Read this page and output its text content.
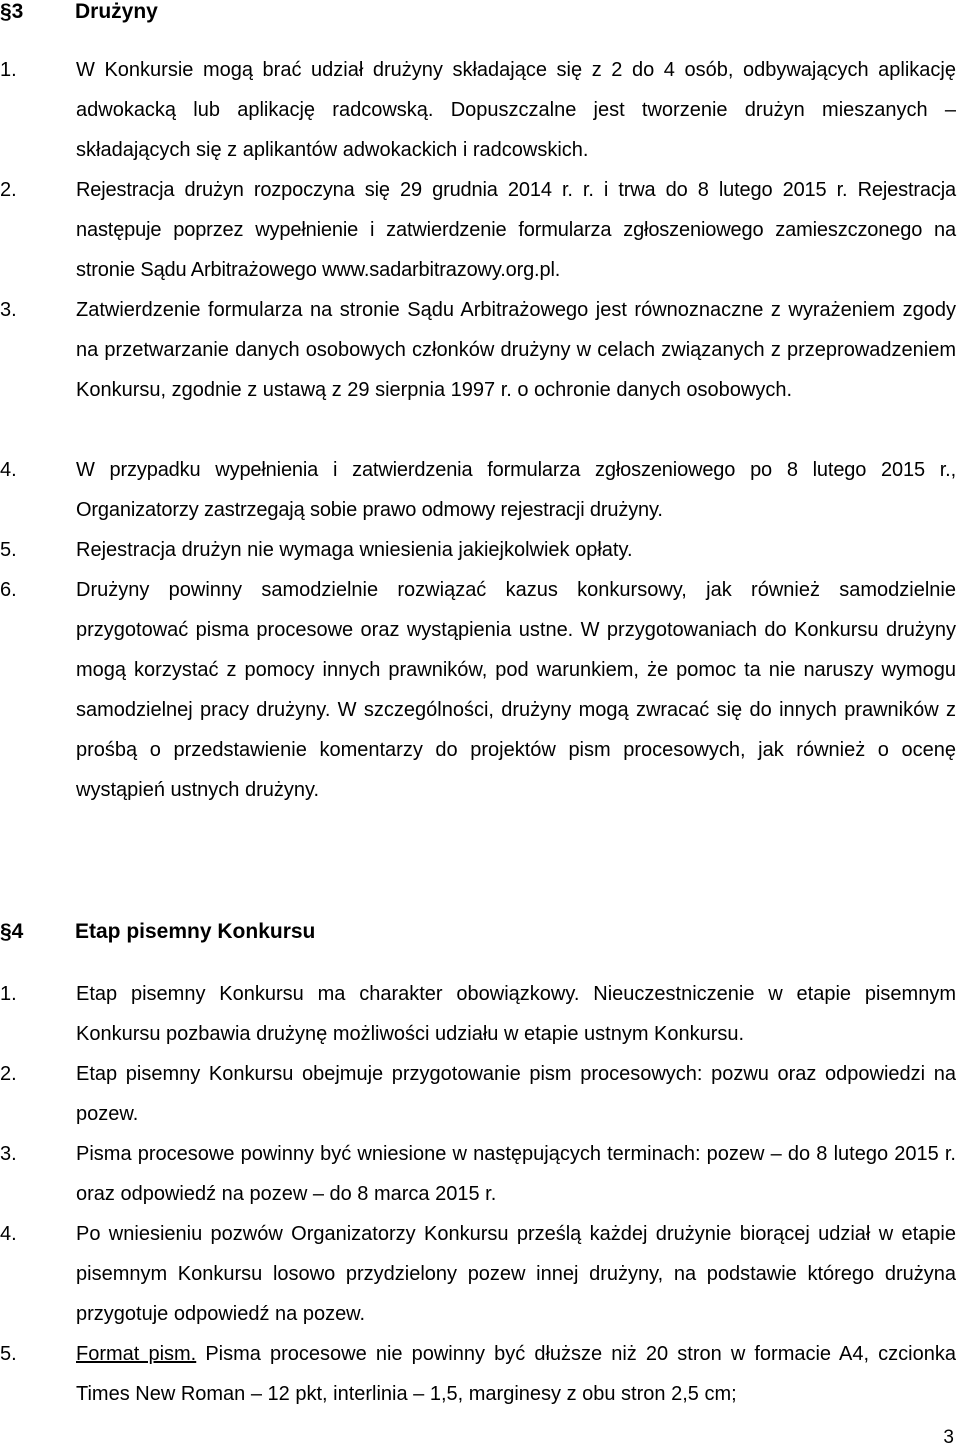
§3 Drużyny
1.	W Konkursie mogą brać udział drużyny składające się z 2 do 4 osób, odbywających aplikację adwokacką lub aplikację radcowską. Dopuszczalne jest tworzenie drużyn mieszanych – składających się z aplikantów adwokackich i radcowskich.
2.	Rejestracja drużyn rozpoczyna się 29 grudnia 2014 r. r. i trwa do 8 lutego 2015 r. Rejestracja następuje poprzez wypełnienie i zatwierdzenie formularza zgłoszeniowego zamieszczonego na stronie Sądu Arbitrażowego www.sadarbitrazowy.org.pl.
3.	Zatwierdzenie formularza na stronie Sądu Arbitrażowego jest równoznaczne z wyrażeniem zgody na przetwarzanie danych osobowych członków drużyny w celach związanych z przeprowadzeniem Konkursu, zgodnie z ustawą z 29 sierpnia 1997 r. o ochronie danych osobowych.
4.	W przypadku wypełnienia i zatwierdzenia formularza zgłoszeniowego po 8 lutego 2015 r., Organizatorzy zastrzegają sobie prawo odmowy rejestracji drużyny.
5.	Rejestracja drużyn nie wymaga wniesienia jakiejkolwiek opłaty.
6.	Drużyny powinny samodzielnie rozwiązać kazus konkursowy, jak również samodzielnie przygotować pisma procesowe oraz wystąpienia ustne. W przygotowaniach do Konkursu drużyny mogą korzystać z pomocy innych prawników, pod warunkiem, że pomoc ta nie naruszy wymogu samodzielnej pracy drużyny. W szczególności, drużyny mogą zwracać się do innych prawników z prośbą o przedstawienie komentarzy do projektów pism procesowych, jak również o ocenę wystąpień ustnych drużyny.
§4 Etap pisemny Konkursu
1.	Etap pisemny Konkursu ma charakter obowiązkowy. Nieuczestniczenie w etapie pisemnym Konkursu pozbawia drużynę możliwości udziału w etapie ustnym Konkursu.
2.	Etap pisemny Konkursu obejmuje przygotowanie pism procesowych: pozwu oraz odpowiedzi na pozew.
3.	Pisma procesowe powinny być wniesione w następujących terminach: pozew – do 8 lutego 2015 r. oraz odpowiedź na pozew – do 8 marca 2015 r.
4.	Po wniesieniu pozwów Organizatorzy Konkursu prześlą każdej drużynie biorącej udział w etapie pisemnym Konkursu losowo przydzielony pozew innej drużyny, na podstawie którego drużyna przygotuje odpowiedź na pozew.
5.	Format pism. Pisma procesowe nie powinny być dłuższe niż 20 stron w formacie A4, czcionka Times New Roman – 12 pkt, interlinia – 1,5, marginesy z obu stron 2,5 cm;
3
